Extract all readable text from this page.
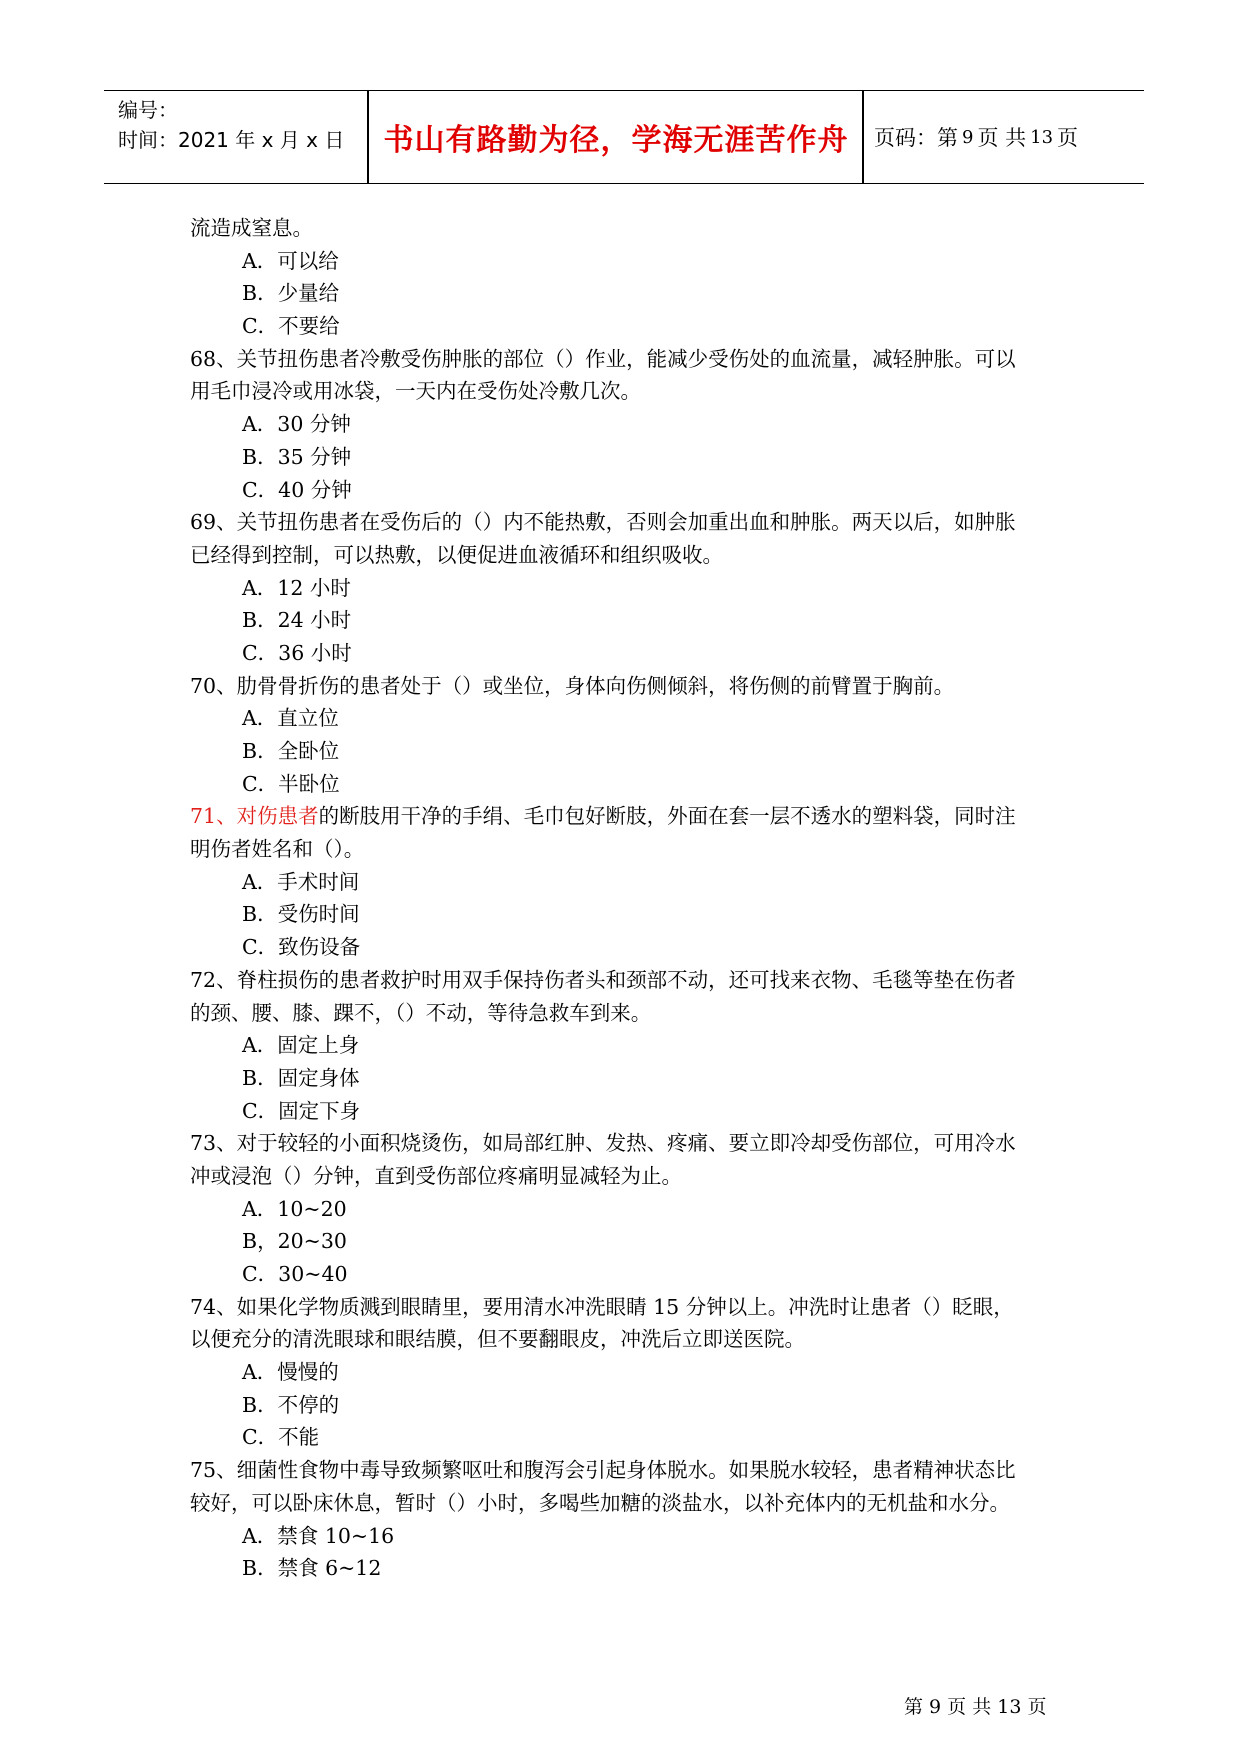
编号：
时间：2021 年 x 月 x 日	书山有路勤为径，学海无涯苦作舟	页码：第 9 页 共 13 页
流造成窒息。
A．可以给
B．少量给
C．不要给
68、关节扭伤患者冷敷受伤肿胀的部位（）作业，能减少受伤处的血流量，减轻肿胀。可以
用毛巾浸冷或用冰袋，一天内在受伤处冷敷几次。
A．30 分钟
B．35 分钟
C．40 分钟
69、关节扭伤患者在受伤后的（）内不能热敷，否则会加重出血和肿胀。两天以后，如肿胀
已经得到控制，可以热敷，以便促进血液循环和组织吸收。
A．12 小时
B．24 小时
C．36 小时
70、肋骨骨折伤的患者处于（）或坐位，身体向伤侧倾斜，将伤侧的前臂置于胸前。
A．直立位
B．全卧位
C．半卧位
71、对伤患者的断肢用干净的手绢、毛巾包好断肢，外面在套一层不透水的塑料袋，同时注
明伤者姓名和（）。
A．手术时间
B．受伤时间
C．致伤设备
72、脊柱损伤的患者救护时用双手保持伤者头和颈部不动，还可找来衣物、毛毯等垫在伤者
的颈、腰、膝、踝不，（）不动，等待急救车到来。
A．固定上身
B．固定身体
C．固定下身
73、对于较轻的小面积烧烫伤，如局部红肿、发热、疼痛、要立即冷却受伤部位，可用冷水
冲或浸泡（）分钟，直到受伤部位疼痛明显减轻为止。
A．10~20
B，20~30
C．30~40
74、如果化学物质溅到眼睛里，要用清水冲洗眼睛 15 分钟以上。冲洗时让患者（）眨眼，
以便充分的清洗眼球和眼结膜，但不要翻眼皮，冲洗后立即送医院。
A．慢慢的
B．不停的
C．不能
75、细菌性食物中毒导致频繁呕吐和腹泻会引起身体脱水。如果脱水较轻，患者精神状态比
较好，可以卧床休息，暂时（）小时，多喝些加糖的淡盐水，以补充体内的无机盐和水分。
A．禁食 10~16
B．禁食 6~12
第 9 页 共 13 页
